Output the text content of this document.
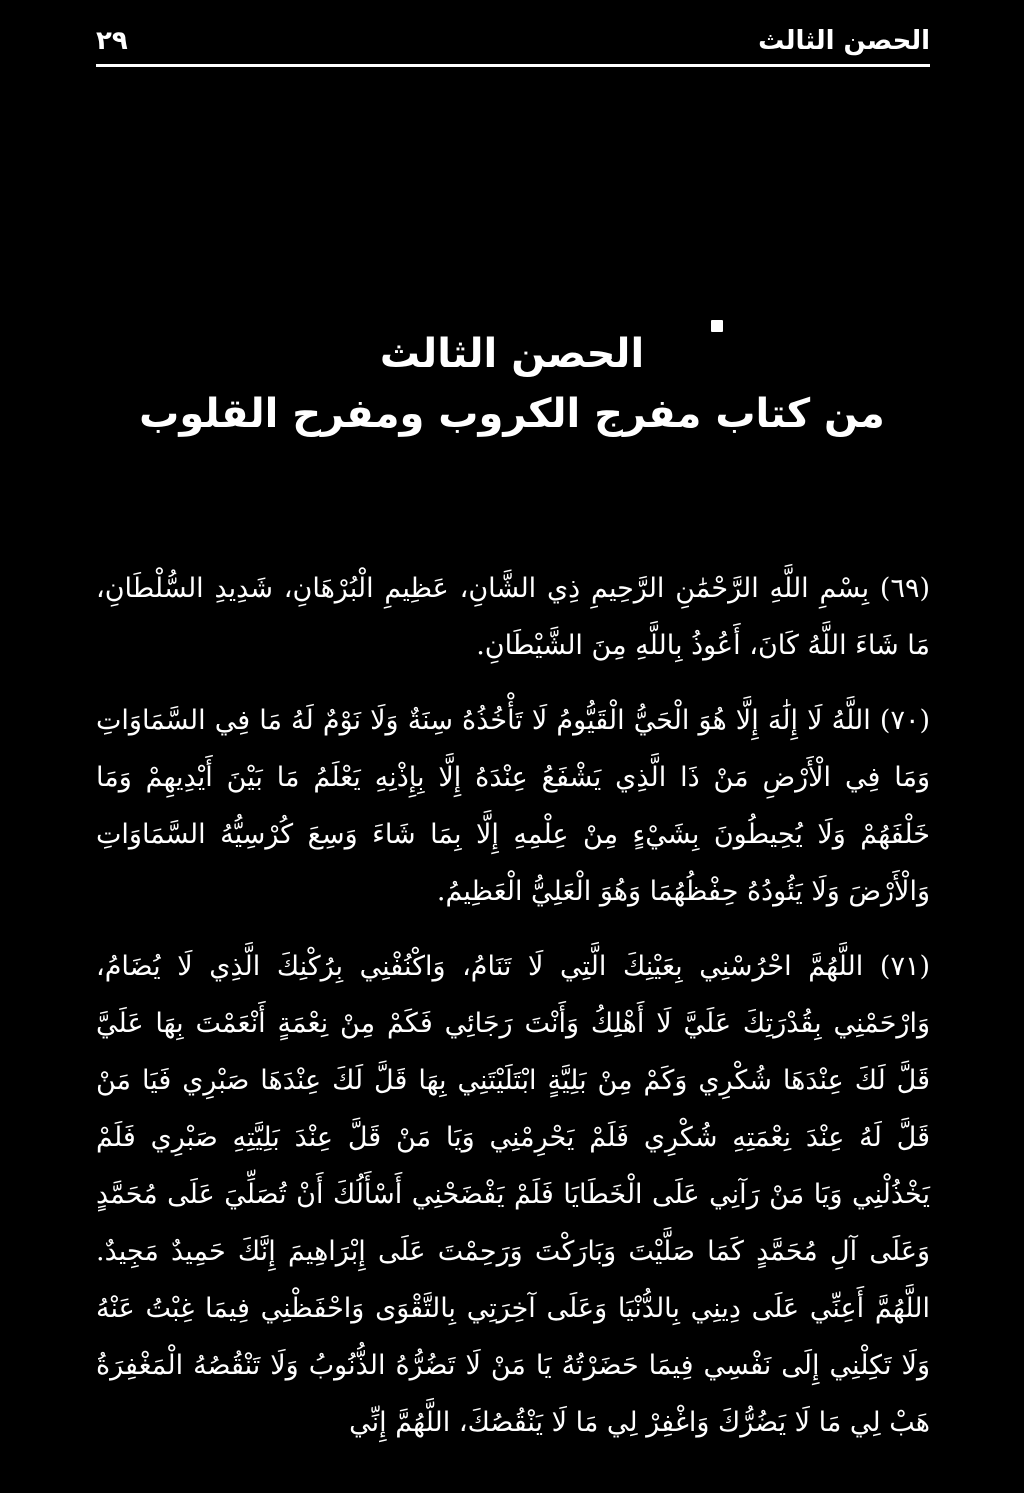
الحصن الثالث
٢٩
الحصن الثالث
من كتاب مفرج الكروب ومفرح القلوب

(٦٩) بِسْمِ اللَّهِ الرَّحْمَٰنِ الرَّحِيمِ ذِي الشَّانِ، عَظِيمِ الْبُرْهَانِ، شَدِيدِ السُّلْطَانِ، مَا شَاءَ اللَّهُ كَانَ، أَعُوذُ بِاللَّهِ مِنَ الشَّيْطَانِ.

(٧٠) اللَّهُ لَا إِلَٰهَ إِلَّا هُوَ الْحَيُّ الْقَيُّومُ لَا تَأْخُذُهُ سِنَةٌ وَلَا نَوْمٌ لَهُ مَا فِي السَّمَاوَاتِ وَمَا فِي الْأَرْضِ مَنْ ذَا الَّذِي يَشْفَعُ عِنْدَهُ إِلَّا بِإِذْنِهِ يَعْلَمُ مَا بَيْنَ أَيْدِيهِمْ وَمَا خَلْفَهُمْ وَلَا يُحِيطُونَ بِشَيْءٍ مِنْ عِلْمِهِ إِلَّا بِمَا شَاءَ وَسِعَ كُرْسِيُّهُ السَّمَاوَاتِ وَالْأَرْضَ وَلَا يَئُودُهُ حِفْظُهُمَا وَهُوَ الْعَلِيُّ الْعَظِيمُ.

(٧١) اللَّهُمَّ احْرُسْنِي بِعَيْنِكَ الَّتِي لَا تَنَامُ، وَاكْنُفْنِي بِرُكْنِكَ الَّذِي لَا يُضَامُ، وَارْحَمْنِي بِقُدْرَتِكَ عَلَيَّ لَا أَهْلِكُ وَأَنْتَ رَجَائِي فَكَمْ مِنْ نِعْمَةٍ أَنْعَمْتَ بِهَا عَلَيَّ قَلَّ لَكَ عِنْدَهَا شُكْرِي وَكَمْ مِنْ بَلِيَّةٍ ابْتَلَيْتَنِي بِهَا قَلَّ لَكَ عِنْدَهَا صَبْرِي فَيَا مَنْ قَلَّ لَهُ عِنْدَ نِعْمَتِهِ شُكْرِي فَلَمْ يَحْرِمْنِي وَيَا مَنْ قَلَّ عِنْدَ بَلِيَّتِهِ صَبْرِي فَلَمْ يَخْذُلْنِي وَيَا مَنْ رَآنِي عَلَى الْخَطَايَا فَلَمْ يَفْضَحْنِي أَسْأَلُكَ أَنْ تُصَلِّيَ عَلَى مُحَمَّدٍ وَعَلَى آلِ مُحَمَّدٍ كَمَا صَلَّيْتَ وَبَارَكْتَ وَرَحِمْتَ عَلَى إِبْرَاهِيمَ إِنَّكَ حَمِيدٌ مَجِيدٌ. اللَّهُمَّ أَعِنِّي عَلَى دِينِي بِالدُّنْيَا وَعَلَى آخِرَتِي بِالتَّقْوَى وَاحْفَظْنِي فِيمَا غِبْتُ عَنْهُ وَلَا تَكِلْنِي إِلَى نَفْسِي فِيمَا حَضَرْتُهُ يَا مَنْ لَا تَضُرُّهُ الذُّنُوبُ وَلَا تَنْقُصُهُ الْمَغْفِرَةُ هَبْ لِي مَا لَا يَضُرُّكَ وَاغْفِرْ لِي مَا لَا يَنْقُصُكَ، اللَّهُمَّ إِنِّي
